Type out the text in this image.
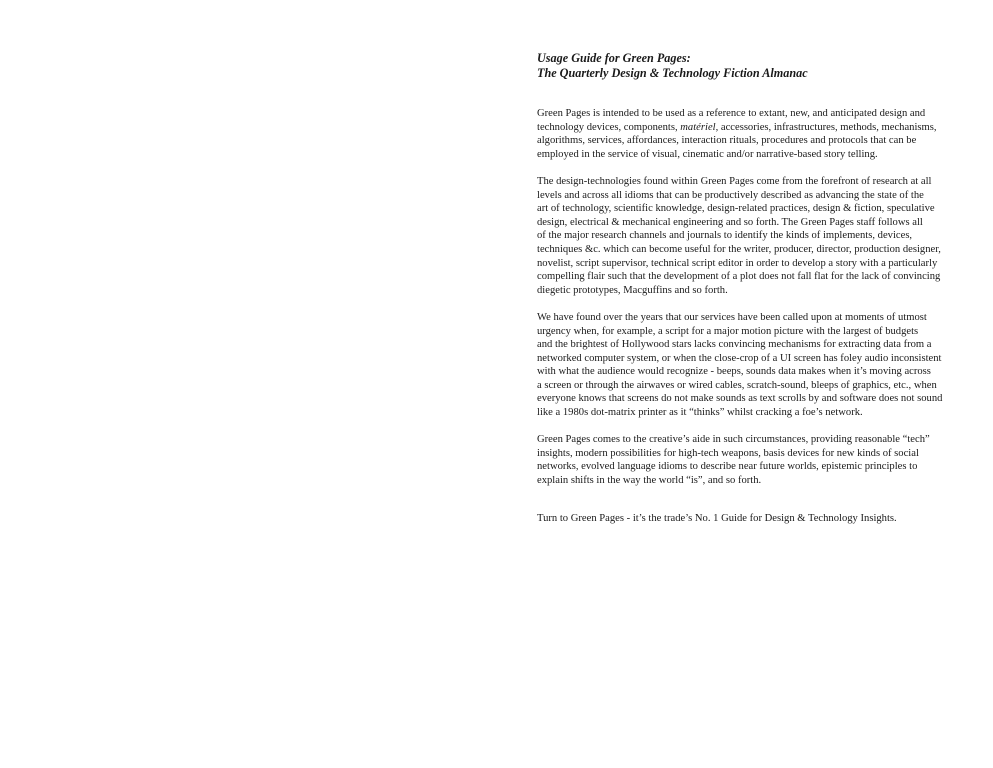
Usage Guide for Green Pages:
The Quarterly Design & Technology Fiction Almanac

Green Pages is intended to be used as a reference to extant, new, and anticipated design and
technology devices, components, matériel, accessories, infrastructures, methods, mechanisms,
algorithms, services, affordances, interaction rituals, procedures and protocols that can be
employed in the service of visual, cinematic and/or narrative-based story telling.

The design-technologies found within Green Pages come from the forefront of research at all
levels and across all idioms that can be productively described as advancing the state of the
art of technology, scientific knowledge, design-related practices, design & fiction, speculative
design, electrical & mechanical engineering and so forth. The Green Pages staff follows all
of the major research channels and journals to identify the kinds of implements, devices,
techniques &c. which can become useful for the writer, producer, director, production designer,
novelist, script supervisor, technical script editor in order to develop a story with a particularly
compelling flair such that the development of a plot does not fall flat for the lack of convincing
diegetic prototypes, Macguffins and so forth.

We have found over the years that our services have been called upon at moments of utmost
urgency when, for example, a script for a major motion picture with the largest of budgets
and the brightest of Hollywood stars lacks convincing mechanisms for extracting data from a
networked computer system, or when the close-crop of a UI screen has foley audio inconsistent
with what the audience would recognize - beeps, sounds data makes when it’s moving across
a screen or through the airwaves or wired cables, scratch-sound, bleeps of graphics, etc., when
everyone knows that screens do not make sounds as text scrolls by and software does not sound
like a 1980s dot-matrix printer as it “thinks” whilst cracking a foe’s network.

Green Pages comes to the creative’s aide in such circumstances, providing reasonable “tech”
insights, modern possibilities for high-tech weapons, basis devices for new kinds of social
networks, evolved language idioms to describe near future worlds, epistemic principles to
explain shifts in the way the world “is”, and so forth.

Turn to Green Pages - it’s the trade’s No. 1 Guide for Design & Technology Insights.
